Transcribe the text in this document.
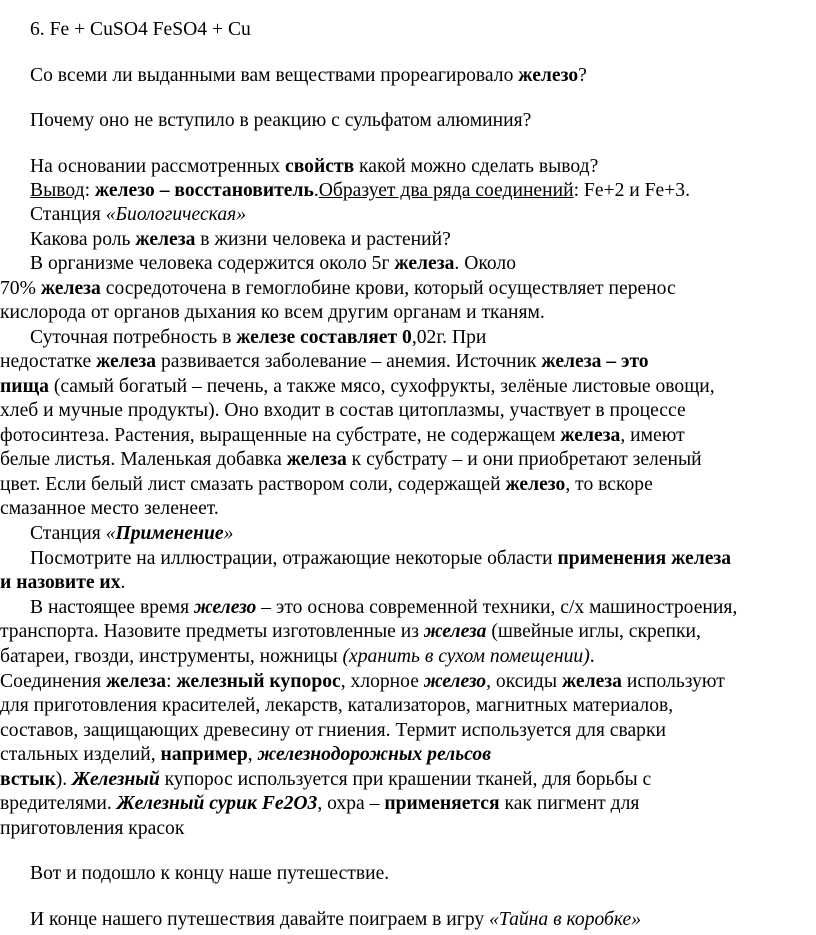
6. Fe + CuSO4 FeSO4 + Cu
Со всеми ли выданными вам веществами прореагировало железо?
Почему оно не вступило в реакцию с сульфатом алюминия?
На основании рассмотренных свойств какой можно сделать вывод?
Вывод: железо – восстановитель.Образует два ряда соединений: Fe+2 и Fe+3.
Станция «Биологическая»
Какова роль железа в жизни человека и растений?
В организме человека содержится около 5г железа. Около
70% железа сосредоточена в гемоглобине крови, который осуществляет перенос
кислорода от органов дыхания ко всем другим органам и тканям.
Суточная потребность в железе составляет 0,02г. При
недостатке железа развивается заболевание – анемия. Источник железа – это
пища (самый богатый – печень, а также мясо, сухофрукты, зелёные листовые овощи,
хлеб и мучные продукты). Оно входит в состав цитоплазмы, участвует в процессе
фотосинтеза. Растения, выращенные на субстрате, не содержащем железа, имеют
белые листья. Маленькая добавка железа к субстрату – и они приобретают зеленый
цвет. Если белый лист смазать раствором соли, содержащей железо, то вскоре
смазанное место зеленеет.
Станция «Применение»
Посмотрите на иллюстрации, отражающие некоторые области применения железа
и назовите их.
В настоящее время железо – это основа современной техники, с/х машиностроения,
транспорта. Назовите предметы изготовленные из железа (швейные иглы, скрепки,
батареи, гвозди, инструменты, ножницы (хранить в сухом помещении).
Соединения железа: железный купорос, хлорное железо, оксиды железа используют
для приготовления красителей, лекарств, катализаторов, магнитных материалов,
составов, защищающих древесину от гниения. Термит используется для сварки
стальных изделий, например, железнодорожных рельсов
встык). Железный купорос используется при крашении тканей, для борьбы с
вредителями. Железный сурик Fe2O3, охра – применяется как пигмент для
приготовления красок
Вот и подошло к концу наше путешествие.
И конце нашего путешествия давайте поиграем в игру «Тайна в коробке»
